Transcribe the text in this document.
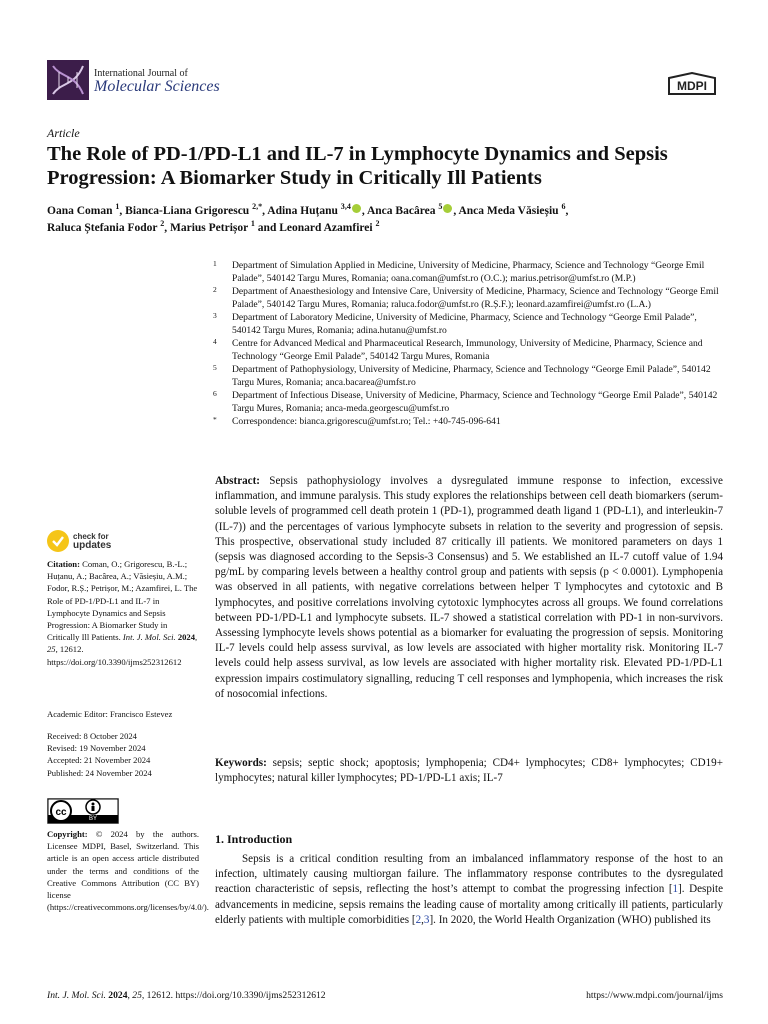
International Journal of
Molecular Sciences	MDPI
Article
The Role of PD-1/PD-L1 and IL-7 in Lymphocyte Dynamics and Sepsis Progression: A Biomarker Study in Critically Ill Patients
Oana Coman $^1$, Bianca-Liana Grigorescu $^{2,*}$, Adina Huțanu $^{3,4}$ , Anca Bacârea $^5$ , Anca Meda Văsieșiu $^6$,
Raluca Ștefania Fodor $^2$, Marius Petrișor $^1$ and Leonard Azamfirei $^2$
1 Department of Simulation Applied in Medicine, University of Medicine, Pharmacy, Science and Technology “George Emil Palade”, 540142 Targu Mures, Romania; oana.coman@umfst.ro (O.C.); marius.petrisor@umfst.ro (M.P.)
2 Department of Anaesthesiology and Intensive Care, University of Medicine, Pharmacy, Science and Technology “George Emil Palade”, 540142 Targu Mures, Romania; raluca.fodor@umfst.ro (R.Ș.F.); leonard.azamfirei@umfst.ro (L.A.)
3 Department of Laboratory Medicine, University of Medicine, Pharmacy, Science and Technology “George Emil Palade”, 540142 Targu Mures, Romania; adina.hutanu@umfst.ro
4 Centre for Advanced Medical and Pharmaceutical Research, Immunology, University of Medicine, Pharmacy, Science and Technology “George Emil Palade”, 540142 Targu Mures, Romania
5 Department of Pathophysiology, University of Medicine, Pharmacy, Science and Technology “George Emil Palade”, 540142 Targu Mures, Romania; anca.bacarea@umfst.ro
6 Department of Infectious Disease, University of Medicine, Pharmacy, Science and Technology “George Emil Palade”, 540142 Targu Mures, Romania; anca-meda.georgescu@umfst.ro
* Correspondence: bianca.grigorescu@umfst.ro; Tel.: +40-745-096-641
Abstract: Sepsis pathophysiology involves a dysregulated immune response to infection, excessive inflammation, and immune paralysis. This study explores the relationships between cell death biomarkers (serum-soluble levels of programmed cell death protein 1 (PD-1), programmed death ligand 1 (PD-L1), and interleukin-7 (IL-7)) and the percentages of various lymphocyte subsets in relation to the severity and progression of sepsis. This prospective, observational study included 87 critically ill patients. We monitored parameters on days 1 (sepsis was diagnosed according to the Sepsis-3 Consensus) and 5. We established an IL-7 cutoff value of 1.94 pg/mL by comparing levels between a healthy control group and patients with sepsis (p < 0.0001). Lymphopenia was observed in all patients, with negative correlations between helper T lymphocytes and cytotoxic and B lymphocytes, and positive correlations involving cytotoxic lymphocytes across all groups. We found correlations between PD-1/PD-L1 and lymphocyte subsets. IL-7 showed a statistical correlation with PD-1 in non-survivors. Assessing lymphocyte levels shows potential as a biomarker for evaluating the progression of sepsis. Monitoring IL-7 levels could help assess survival, as low levels are associated with higher mortality risk. Monitoring IL-7 levels could help assess survival, as low levels are associated with higher mortality risk. Elevated PD-1/PD-L1 expression impairs costimulatory signalling, reducing T cell responses and lymphopenia, which increases the risk of nosocomial infections.
Keywords: sepsis; septic shock; apoptosis; lymphopenia; CD4+ lymphocytes; CD8+ lymphocytes; CD19+ lymphocytes; natural killer lymphocytes; PD-1/PD-L1 axis; IL-7
1. Introduction
Sepsis is a critical condition resulting from an imbalanced inflammatory response of the host to an infection, ultimately causing multiorgan failure. The inflammatory response contributes to the dysregulated reaction characteristic of sepsis, reflecting the host’s attempt to combat the progressing infection [1]. Despite advancements in medicine, sepsis remains the leading cause of mortality among critically ill patients, particularly elderly patients with multiple comorbidities [2,3]. In 2020, the World Health Organization (WHO) published its
check for
updates
Citation: Coman, O.; Grigorescu, B.-L.; Huțanu, A.; Bacârea, A.; Văsieșiu, A.M.; Fodor, R.Ș.; Petrișor, M.; Azamfirei, L. The Role of PD-1/PD-L1 and IL-7 in Lymphocyte Dynamics and Sepsis Progression: A Biomarker Study in Critically Ill Patients. Int. J. Mol. Sci. 2024, 25, 12612. https://doi.org/10.3390/ijms252312612
Academic Editor: Francisco Estevez
Received: 8 October 2024
Revised: 19 November 2024
Accepted: 21 November 2024
Published: 24 November 2024
cc
BY
Copyright: © 2024 by the authors. Licensee MDPI, Basel, Switzerland. This article is an open access article distributed under the terms and conditions of the Creative Commons Attribution (CC BY) license (https://creativecommons.org/licenses/by/4.0/).
Int. J. Mol. Sci. 2024, 25, 12612. https://doi.org/10.3390/ijms252312612	https://www.mdpi.com/journal/ijms
